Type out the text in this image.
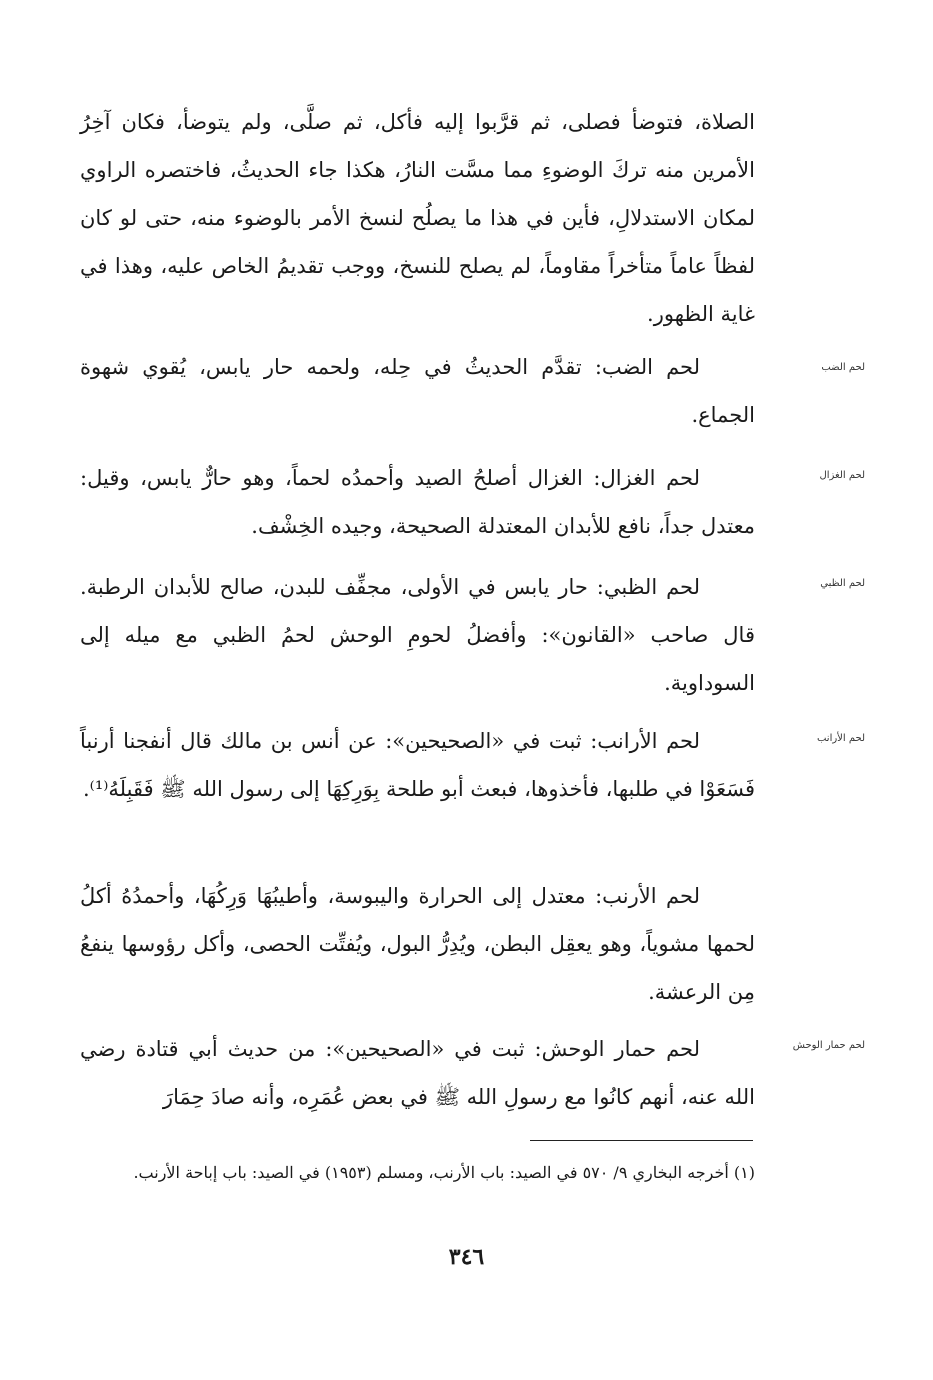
الصلاة، فتوضأ فصلى، ثم قرَّبوا إليه فأكل، ثم صلَّى، ولم يتوضأ، فكان آخِرُ الأمرين منه تركَ الوضوءِ مما مسَّت النارُ، هكذا جاء الحديثُ، فاختصره الراوي لمكان الاستدلالِ، فأين في هذا ما يصلُح لنسخ الأمر بالوضوء منه، حتى لو كان لفظاً عاماً متأخراً مقاوماً، لم يصلح للنسخ، ووجب تقديمُ الخاص عليه، وهذا في غاية الظهور.

لحم الضب

لحم الضب: تقدَّم الحديثُ في حِله، ولحمه حار يابس، يُقوي شهوة الجماع.

لحم الغزال

لحم الغزال: الغزال أصلحُ الصيد وأحمدُه لحماً، وهو حارٌّ يابس، وقيل: معتدل جداً، نافع للأبدان المعتدلة الصحيحة، وجيده الخِشْف.

لحم الظبي

لحم الظبي: حار يابس في الأولى، مجفِّف للبدن، صالح للأبدان الرطبة. قال صاحب «القانون»: وأفضلُ لحومِ الوحش لحمُ الظبي مع ميله إلى السوداوية.

لحم الأرانب

لحم الأرانب: ثبت في «الصحيحين»: عن أنس بن مالك قال أنفجنا أرنباً فَسَعَوْا في طلبها، فأخذوها، فبعث أبو طلحة بِوَرِكِهَا إلى رسول الله ﷺ فَقَبِلَهُ⁽¹⁾.

لحم الأرنب: معتدل إلى الحرارة واليبوسة، وأطيبُهَا وَرِكُهَا، وأحمدُهُ أكلُ لحمها مشوياً، وهو يعقِل البطن، ويُدِرُّ البول، ويُفتِّت الحصى، وأكل رؤوسها ينفعُ مِن الرعشة.

لحم حمار الوحش

لحم حمار الوحش: ثبت في «الصحيحين»: من حديث أبي قتادة رضي الله عنه، أنهم كانُوا مع رسولِ الله ﷺ في بعض عُمَرِه، وأنه صادَ حِمَارَ

(١) أخرجه البخاري ٩/ ٥٧٠ في الصيد: باب الأرنب، ومسلم (١٩٥٣) في الصيد: باب إباحة الأرنب.
٣٤٦
